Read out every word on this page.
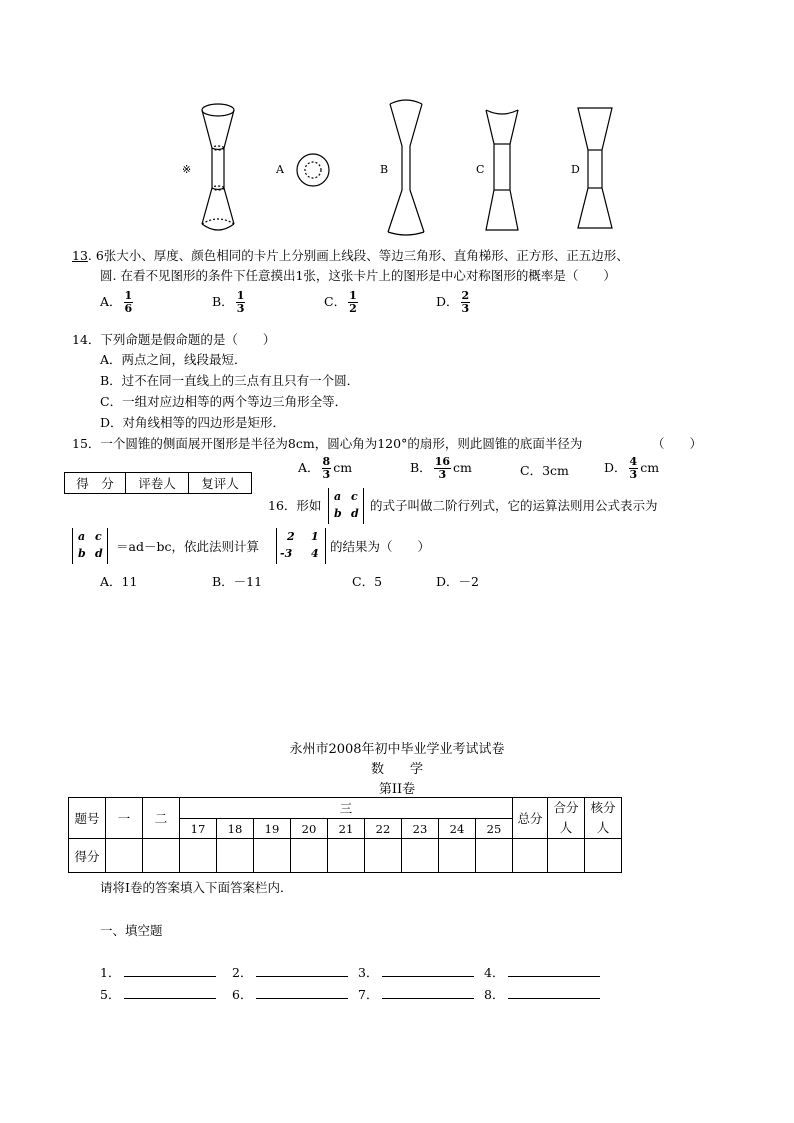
※	A	B	C	D
13. 6张大小、厚度、颜色相同的卡片上分别画上线段、等边三角形、直角梯形、正方形、正五边形、
圆. 在看不见图形的条件下任意摸出1张，这张卡片上的图形是中心对称图形的概率是（　　）
A． $\frac{1}{6}$	B． $\frac{1}{3}$	C． $\frac{1}{2}$	D． $\frac{2}{3}$
14．下列命题是假命题的是（　　）
A．两点之间，线段最短．
B．过不在同一直线上的三点有且只有一个圆．
C．一组对应边相等的两个等边三角形全等．
D．对角线相等的四边形是矩形．
15．一个圆锥的侧面展开图形是半径为8cm，圆心角为120°的扇形，则此圆锥的底面半径为	（　　）
A． $\frac{8}{3}$ cm	B． $\frac{16}{3}$ cm	C．3cm	D． $\frac{4}{3}$ cm
得　分	评卷人	复评人

16．形如
a c
b d
的式子叫做二阶行列式，它的运算法则用公式表示为
a c
b d ＝ad－bc，依此法则计算
2 1
-3 4 的结果为（　　）
A．11	B．－11	C．5	D．－2
永州市2008年初中毕业学业考试试卷
数　　学
第II卷
题号	一	二	三									总分	合分人	核分人
			17	18	19	20	21	22	23	24	25			
得分														
请将Ⅰ卷的答案填入下面答案栏内．
一、填空题
1．	2．	3．	4．
5．	6．	7．	8．
